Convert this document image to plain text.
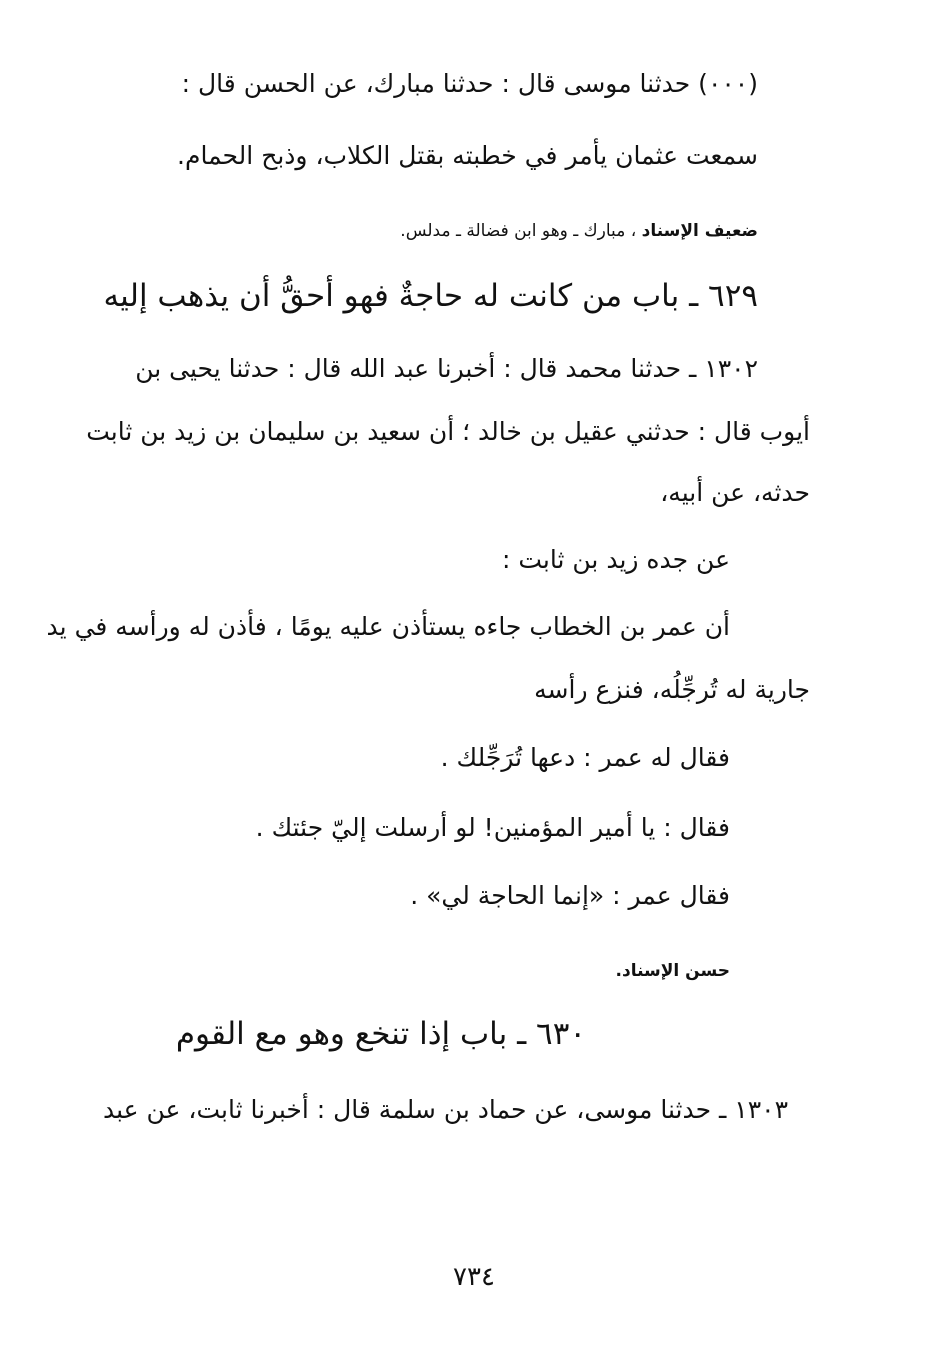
(٠٠٠) حدثنا موسى قال : حدثنا مبارك، عن الحسن قال :
سمعت عثمان يأمر في خطبته بقتل الكلاب، وذبح الحمام.
ضعيف الإسناد ، مبارك ـ وهو ابن فضالة ـ مدلس.
٦٢٩ ـ باب من كانت له حاجةٌ فهو أحقُّ أن يذهب إليه
١٣٠٢ ـ حدثنا محمد قال : أخبرنا عبد الله قال : حدثنا يحيى بن
أيوب قال : حدثني عقيل بن خالد ؛ أن سعيد بن سليمان بن زيد بن ثابت
حدثه، عن أبيه،
عن جده زيد بن ثابت :
أن عمر بن الخطاب جاءه يستأذن عليه يومًا ، فأذن له ورأسه في يد
جارية له تُرجِّلُه، فنزع رأسه
فقال له عمر : دعها تُرَجِّلك .
فقال : يا أمير المؤمنين! لو أرسلت إليّ جئتك .
فقال عمر : «إنما الحاجة لي» .
حسن الإسناد.
٦٣٠ ـ باب إذا تنخع وهو مع القوم
١٣٠٣ ـ حدثنا موسى، عن حماد بن سلمة قال : أخبرنا ثابت، عن عبد
٧٣٤
